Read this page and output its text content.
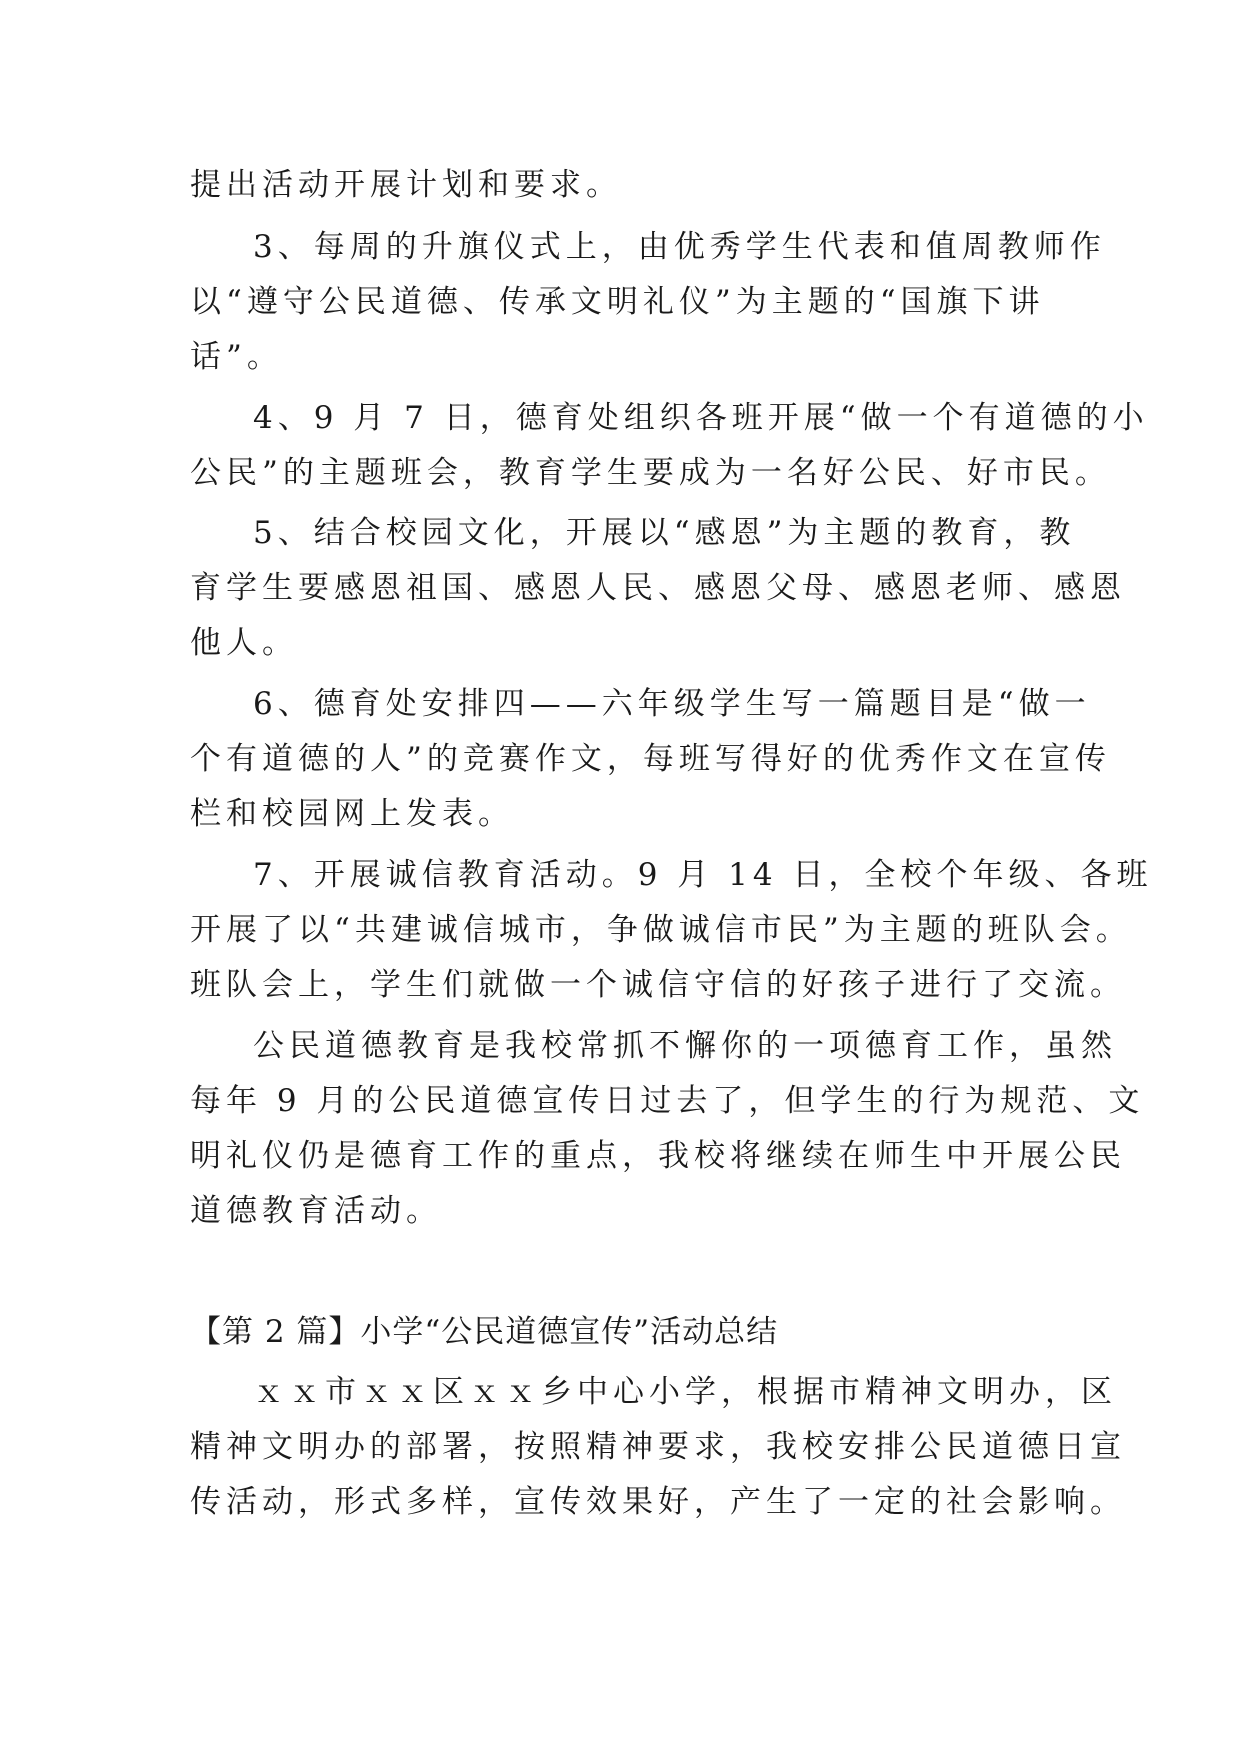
提出活动开展计划和要求。
3、每周的升旗仪式上，由优秀学生代表和值周教师作
以“遵守公民道德、传承文明礼仪”为主题的“国旗下讲
话”。
4、9 月 7 日，德育处组织各班开展“做一个有道德的小
公民”的主题班会，教育学生要成为一名好公民、好市民。
5、结合校园文化，开展以“感恩”为主题的教育，教
育学生要感恩祖国、感恩人民、感恩父母、感恩老师、感恩
他人。
6、德育处安排四——六年级学生写一篇题目是“做一
个有道德的人”的竞赛作文，每班写得好的优秀作文在宣传
栏和校园网上发表。
7、开展诚信教育活动。9 月 14 日，全校个年级、各班
开展了以“共建诚信城市，争做诚信市民”为主题的班队会。
班队会上，学生们就做一个诚信守信的好孩子进行了交流。
公民道德教育是我校常抓不懈你的一项德育工作，虽然
每年 9 月的公民道德宣传日过去了，但学生的行为规范、文
明礼仪仍是德育工作的重点，我校将继续在师生中开展公民
道德教育活动。
【第 2 篇】小学“公民道德宣传”活动总结
ｘｘ市ｘｘ区ｘｘ乡中心小学，根据市精神文明办，区
精神文明办的部署，按照精神要求，我校安排公民道德日宣
传活动，形式多样，宣传效果好，产生了一定的社会影响。
